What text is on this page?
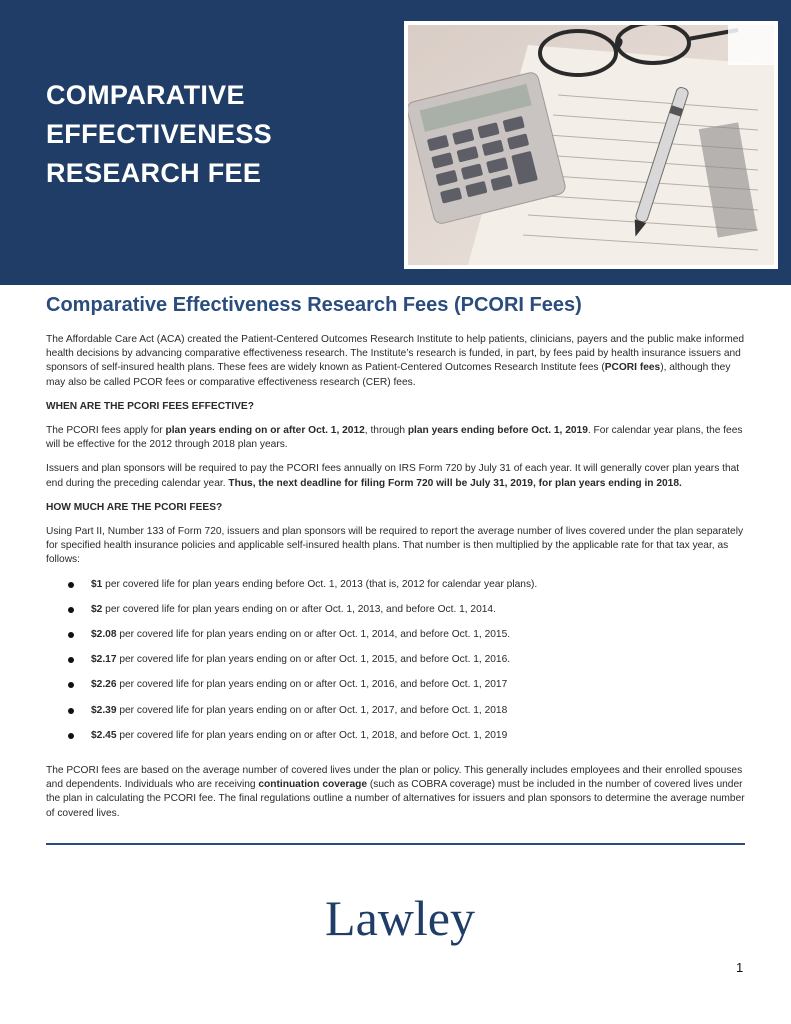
COMPARATIVE
EFFECTIVENESS
RESEARCH FEE
Comparative Effectiveness Research Fees (PCORI Fees)

The Affordable Care Act (ACA) created the Patient-Centered Outcomes Research Institute to help patients, clinicians, payers and the public make informed health decisions by advancing comparative effectiveness research. The Institute’s research is funded, in part, by fees paid by health insurance issuers and sponsors of self-insured health plans. These fees are widely known as Patient-Centered Outcomes Research Institute fees (PCORI fees), although they may also be called PCOR fees or comparative effectiveness research (CER) fees.

WHEN ARE THE PCORI FEES EFFECTIVE?

The PCORI fees apply for plan years ending on or after Oct. 1, 2012, through plan years ending before Oct. 1, 2019. For calendar year plans, the fees will be effective for the 2012 through 2018 plan years.

Issuers and plan sponsors will be required to pay the PCORI fees annually on IRS Form 720 by July 31 of each year. It will generally cover plan years that end during the preceding calendar year. Thus, the next deadline for filing Form 720 will be July 31, 2019, for plan years ending in 2018.

HOW MUCH ARE THE PCORI FEES?

Using Part II, Number 133 of Form 720, issuers and plan sponsors will be required to report the average number of lives covered under the plan separately for specified health insurance policies and applicable self-insured health plans. That number is then multiplied by the applicable rate for that tax year, as follows:

$1 per covered life for plan years ending before Oct. 1, 2013 (that is, 2012 for calendar year plans).
$2 per covered life for plan years ending on or after Oct. 1, 2013, and before Oct. 1, 2014.
$2.08 per covered life for plan years ending on or after Oct. 1, 2014, and before Oct. 1, 2015.
$2.17 per covered life for plan years ending on or after Oct. 1, 2015, and before Oct. 1, 2016.
$2.26 per covered life for plan years ending on or after Oct. 1, 2016, and before Oct. 1, 2017
$2.39 per covered life for plan years ending on or after Oct. 1, 2017, and before Oct. 1, 2018
$2.45 per covered life for plan years ending on or after Oct. 1, 2018, and before Oct. 1, 2019

The PCORI fees are based on the average number of covered lives under the plan or policy. This generally includes employees and their enrolled spouses and dependents. Individuals who are receiving continuation coverage (such as COBRA coverage) must be included in the number of covered lives under the plan in calculating the PCORI fee. The final regulations outline a number of alternatives for issuers and plan sponsors to determine the average number of covered lives.

Lawley
1
